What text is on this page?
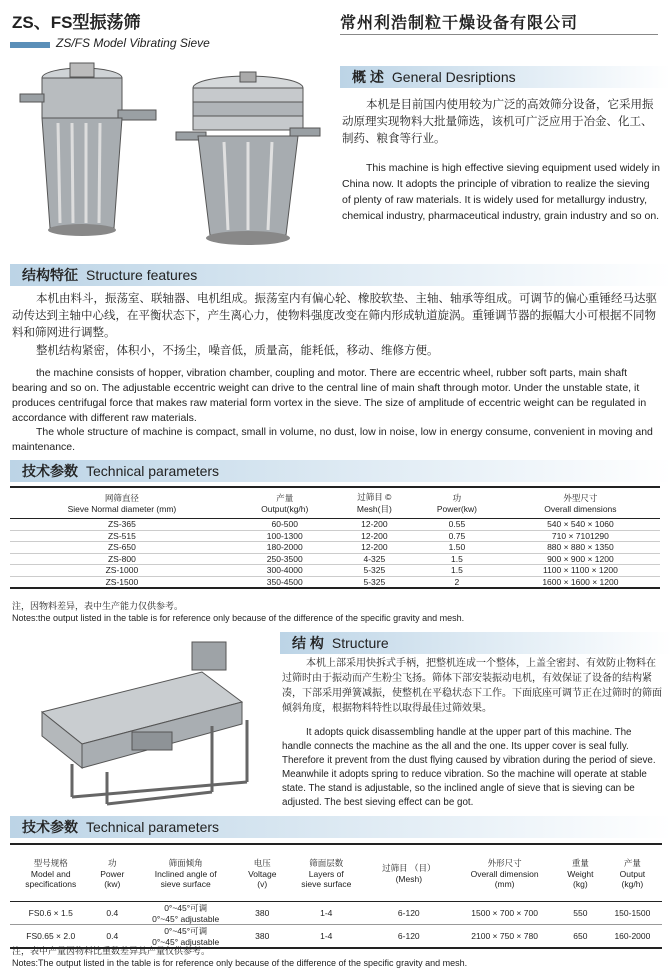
ZS、FS型振荡筛
ZS/FS Model Vibrating Sieve
常州利浩制粒干燥设备有限公司
概 述 General Desriptions
本机是目前国内使用较为广泛的高效筛分设备，它采用振动原理实现物料大批量筛选，该机可广泛应用于冶金、化工、制药、粮食等行业。
This machine is high effective sieving equipment used widely in China now. It adopts the principle of vibration to realize the sieving of plenty of raw materials. It is widely used for metallurgy industry, chemical industry, pharmaceutical industry, grain industry and so on.
结构特征 Structure features
本机由料斗，振荡室、联轴器、电机组成。振荡室内有偏心轮、橡胶软垫、主轴、轴承等组成。可调节的偏心重锤经马达驱动传达到主轴中心线，在平衡状态下，产生离心力，使物料强度改变在筛内形成轨道旋涡。重锤调节器的振幅大小可根据不同物料和筛网进行调整。
整机结构紧密，体积小，不扬尘，噪音低，质量高，能耗低，移动、维修方便。
the machine consists of hopper, vibration chamber, coupling and motor. There are eccentric wheel, rubber soft parts, main shaft bearing and so on. The adjustable eccentric weight can drive to the central line of main shaft through motor. Under the unstable state, it produces centrifugal force that makes raw material form vortex in the sieve. The size of amplitude of eccentric weight can be regulated in accordance with different raw materials.
The whole structure of machine is compact, small in volume, no dust, low in noise, low in energy consume, convenient in moving and maintenance.
技术参数 Technical parameters
网筛直径
Sieve Normal diameter (mm)	产量
Output(kg/h)	过筛目 ©
Mesh(目)	功
Power(kw)	外型尺寸
Overall dimensions
ZS-365	60-500	12-200	0.55	540 × 540 × 1060
ZS-515	100-1300	12-200	0.75	710 × 7101290
ZS-650	180-2000	12-200	1.50	880 × 880 × 1350
ZS-800	250-3500	4-325	1.5	900 × 900 × 1200
ZS-1000	300-4000	5-325	1.5	1100 × 1100 × 1200
ZS-1500	350-4500	5-325	2	1600 × 1600 × 1200
注，因物料差异，表中生产能力仅供参考。
Notes:the output listed in the table is for reference only because of the difference of the specific gravity and mesh.
结 构 Structure
本机上部采用快拆式手柄，把整机连成一个整体，上盖全密封、有效防止物料在过筛时由于振动而产生粉尘飞扬。筛体下部安装振动电机，有效保证了设备的结构紧凑，下部采用弹簧减振，使整机在平稳状态下工作。下面底座可调节正在过筛时的筛面倾斜角度，根据物料特性以取得最佳过筛效果。
It adopts quick disassembling handle at the upper part of this machine. The handle connects the machine as the all and the one. Its upper cover is seal fully. Therefore it prevent from the dust flying caused by vibration during the period of sieve. Meanwhile it adopts spring to reduce vibration. So the machine will operate at stable state. The stand is adjustable, so the inclined angle of sieve that is sieving can be adjusted. The best sieving effect can be got.
技术参数 Technical parameters
型号规格
Model and
specifications	功
Power
(kw)	筛面倾角
Inclined angle of
sieve surface	电压
Voltage
(v)	筛面层数
Layers of
sieve surface	过筛目 （目）
(Mesh)	外形尺寸
Overall dimension
(mm)	重量
Weight
(kg)	产量
Output
(kg/h)
FS0.6 × 1.5	0.4	0°~45°可调
0°~45° adjustable	380	1-4	6-120	1500 × 700 × 700	550	150-1500
FS0.65 × 2.0	0.4	0°~45°可调
0°~45° adjustable	380	1-4	6-120	2100 × 750 × 780	650	160-2000
注，表中产量因物料比重数差异其产量仅供参考。
Notes:The output listed in the table is for reference only because of the difference of the specific gravity and mesh.
